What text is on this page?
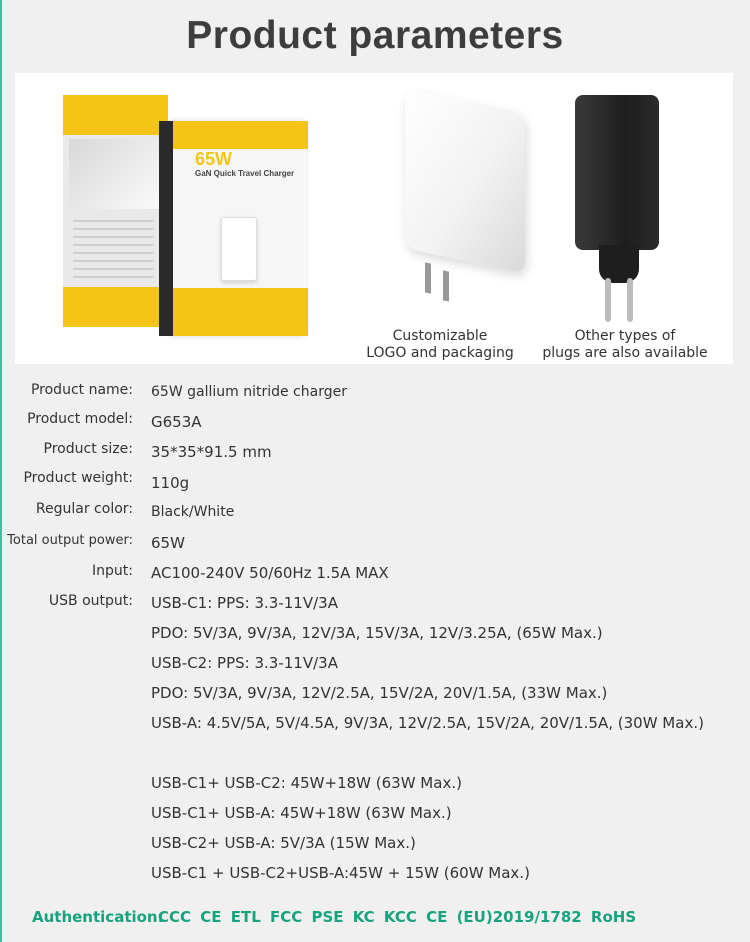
Product parameters
65W
GaN Quick Travel Charger
Customizable
LOGO and packaging
Other types of
plugs are also available
Product name: 65W gallium nitride charger
Product model: G653A
Product size: 35*35*91.5 mm
Product weight: 110g
Regular color: Black/White
Total output power: 65W
Input: AC100-240V 50/60Hz 1.5A MAX
USB output: USB-C1: PPS: 3.3-11V/3A
PDO: 5V/3A, 9V/3A, 12V/3A, 15V/3A, 12V/3.25A, (65W Max.)
USB-C2: PPS: 3.3-11V/3A
PDO: 5V/3A, 9V/3A, 12V/2.5A, 15V/2A, 20V/1.5A, (33W Max.)
USB-A: 4.5V/5A, 5V/4.5A, 9V/3A, 12V/2.5A, 15V/2A, 20V/1.5A, (30W Max.)
USB-C1+ USB-C2: 45W+18W (63W Max.)
USB-C1+ USB-A: 45W+18W (63W Max.)
USB-C2+ USB-A: 5V/3A (15W Max.)
USB-C1 + USB-C2+USB-A:45W + 15W (60W Max.)
Authentication:
CCC CE ETL FCC PSE KC KCC CE (EU)2019/1782 RoHS
